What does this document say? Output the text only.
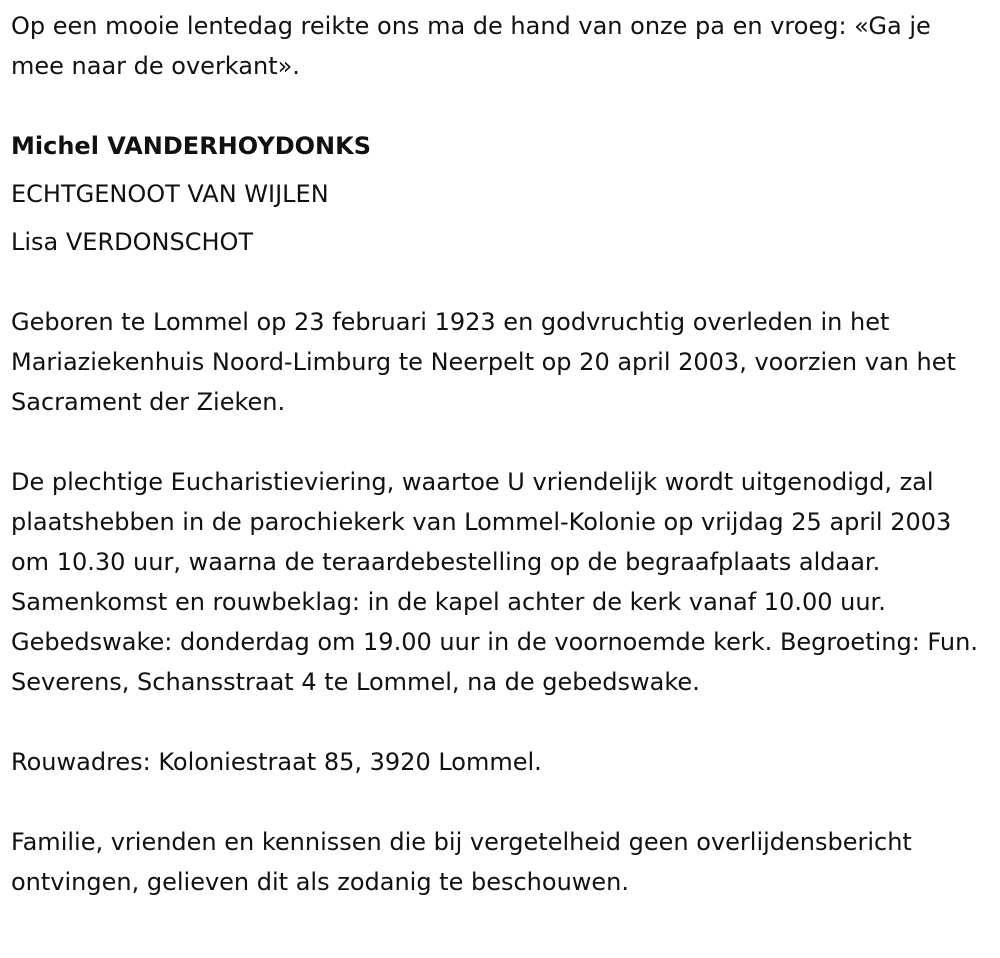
Op een mooie lentedag reikte ons ma de hand van onze pa en vroeg: «Ga je mee naar de overkant».

Michel VANDERHOYDONKS

ECHTGENOOT VAN WIJLEN

Lisa VERDONSCHOT

Geboren te Lommel op 23 februari 1923 en godvruchtig overleden in het Mariaziekenhuis Noord-Limburg te Neerpelt op 20 april 2003, voorzien van het Sacrament der Zieken.

De plechtige Eucharistieviering, waartoe U vriendelijk wordt uitgenodigd, zal plaatshebben in de parochiekerk van Lommel-Kolonie op vrijdag 25 april 2003 om 10.30 uur, waarna de teraardebestelling op de begraafplaats aldaar. Samenkomst en rouwbeklag: in de kapel achter de kerk vanaf 10.00 uur. Gebedswake: donderdag om 19.00 uur in de voornoemde kerk. Begroeting: Fun. Severens, Schansstraat 4 te Lommel, na de gebedswake.

Rouwadres: Koloniestraat 85, 3920 Lommel.

Familie, vrienden en kennissen die bij vergetelheid geen overlijdensbericht ontvingen, gelieven dit als zodanig te beschouwen.
